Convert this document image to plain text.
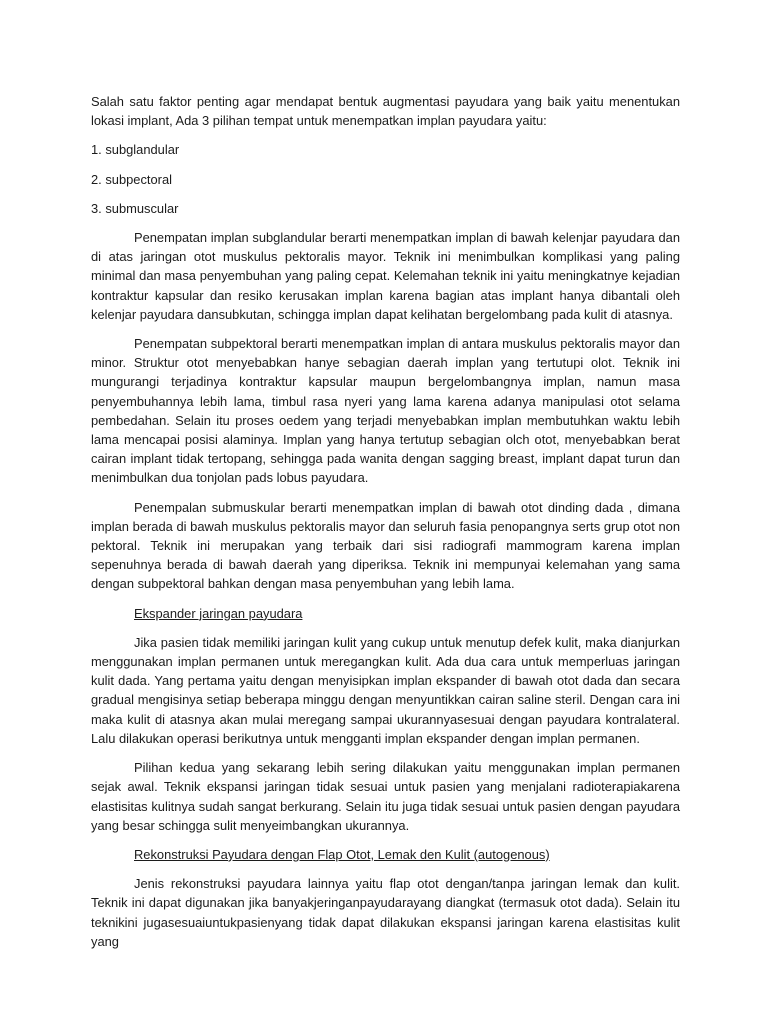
Salah satu faktor penting agar mendapat bentuk augmentasi payudara yang baik yaitu menentukan lokasi implant, Ada 3 pilihan tempat untuk menempatkan implan payudara yaitu:

1. subglandular

2. subpectoral

3. submuscular

Penempatan implan subglandular berarti menempatkan implan di bawah kelenjar payudara dan di atas jaringan otot muskulus pektoralis mayor. Teknik ini menimbulkan komplikasi yang paling minimal dan masa penyembuhan yang paling cepat. Kelemahan teknik ini yaitu meningkatnye kejadian kontraktur kapsular dan resiko kerusakan implan karena bagian atas implant hanya dibantali oleh kelenjar payudara dansubkutan, schingga implan dapat kelihatan bergelombang pada kulit di atasnya.

Penempatan subpektoral berarti menempatkan implan di antara muskulus pektoralis mayor dan minor. Struktur otot menyebabkan hanye sebagian daerah implan yang tertutupi olot. Teknik ini mungurangi terjadinya kontraktur kapsular maupun bergelombangnya implan, namun masa penyembuhannya lebih lama, timbul rasa nyeri yang lama karena adanya manipulasi otot selama pembedahan. Selain itu proses oedem yang terjadi menyebabkan implan membutuhkan waktu lebih lama mencapai posisi alaminya. Implan yang hanya tertutup sebagian olch otot, menyebabkan berat cairan implant tidak tertopang, sehingga pada wanita dengan sagging breast, implant dapat turun dan menimbulkan dua tonjolan pads lobus payudara.

Penempalan submuskular berarti menempatkan implan di bawah otot dinding dada , dimana implan berada di bawah muskulus pektoralis mayor dan seluruh fasia penopangnya serts grup otot non pektoral. Teknik ini merupakan yang terbaik dari sisi radiografi mammogram karena implan sepenuhnya berada di bawah daerah yang diperiksa. Teknik ini mempunyai kelemahan yang sama dengan subpektoral bahkan dengan masa penyembuhan yang lebih lama.

Ekspander jaringan payudara

Jika pasien tidak memiliki jaringan kulit yang cukup untuk menutup defek kulit, maka dianjurkan menggunakan implan permanen untuk meregangkan kulit. Ada dua cara untuk memperluas jaringan kulit dada. Yang pertama yaitu dengan menyisipkan implan ekspander di bawah otot dada dan secara gradual mengisinya setiap beberapa minggu dengan menyuntikkan cairan saline steril. Dengan cara ini maka kulit di atasnya akan mulai meregang sampai ukurannyasesuai dengan payudara kontralateral. Lalu dilakukan operasi berikutnya untuk mengganti implan ekspander dengan implan permanen.

Pilihan kedua yang sekarang lebih sering dilakukan yaitu menggunakan implan permanen sejak awal. Teknik ekspansi jaringan tidak sesuai untuk pasien yang menjalani radioterapiakarena elastisitas kulitnya sudah sangat berkurang. Selain itu juga tidak sesuai untuk pasien dengan payudara yang besar schingga sulit menyeimbangkan ukurannya.

Rekonstruksi Payudara dengan Flap Otot, Lemak den Kulit (autogenous)

Jenis rekonstruksi payudara lainnya yaitu flap otot dengan/tanpa jaringan lemak dan kulit. Teknik ini dapat digunakan jika banyakjeringanpayudarayang diangkat (termasuk otot dada). Selain itu teknikini jugasesuaiuntukpasienyang tidak dapat dilakukan ekspansi jaringan karena elastisitas kulit yang
